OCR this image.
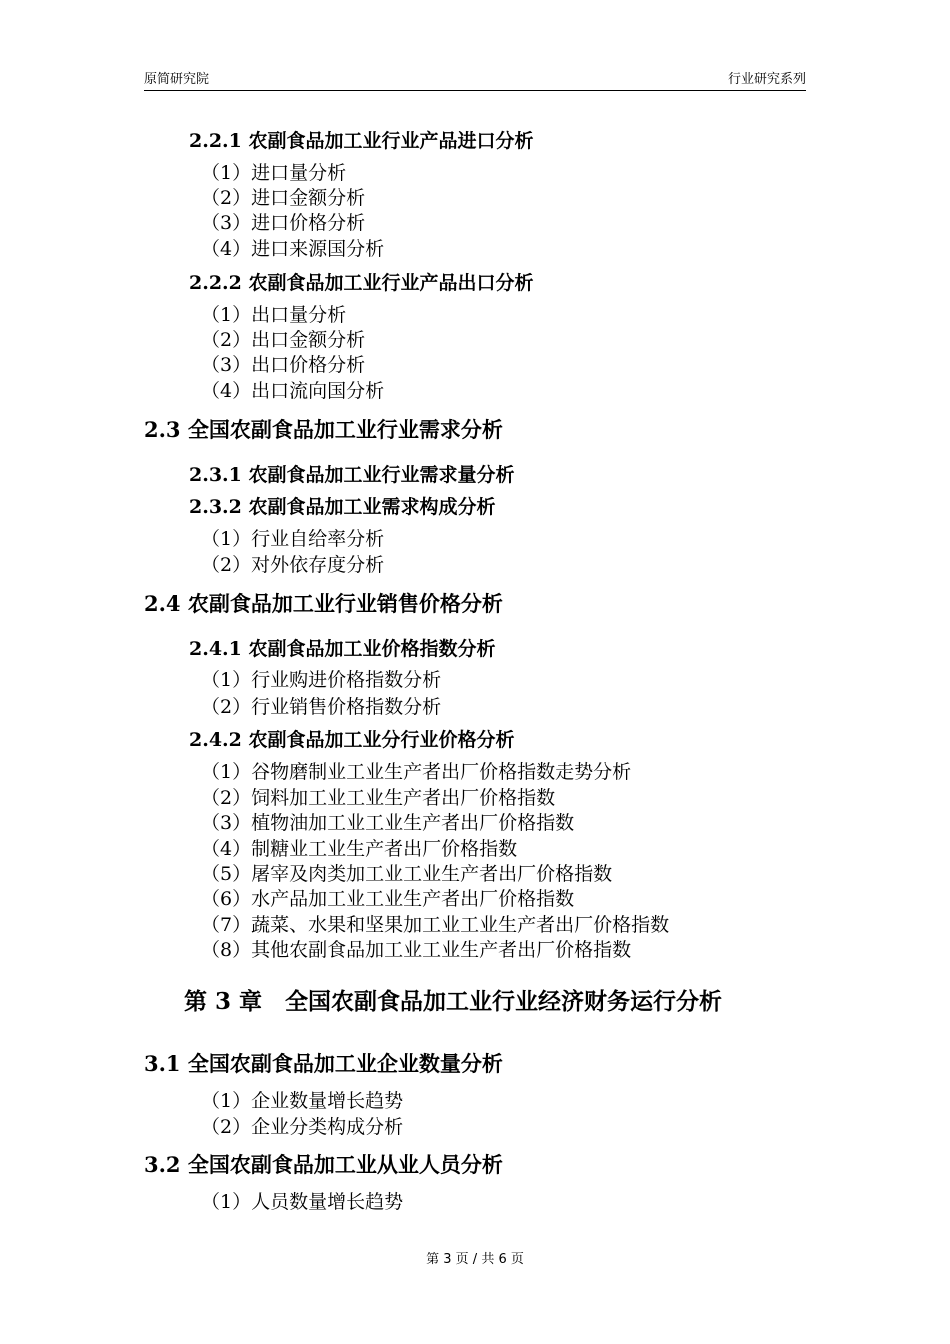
原简研究院	行业研究系列
2.2.1 农副食品加工业行业产品进口分析
（1）进口量分析
（2）进口金额分析
（3）进口价格分析
（4）进口来源国分析
2.2.2 农副食品加工业行业产品出口分析
（1）出口量分析
（2）出口金额分析
（3）出口价格分析
（4）出口流向国分析
2.3 全国农副食品加工业行业需求分析
2.3.1 农副食品加工业行业需求量分析
2.3.2 农副食品加工业需求构成分析
（1）行业自给率分析
（2）对外依存度分析
2.4 农副食品加工业行业销售价格分析
2.4.1 农副食品加工业价格指数分析
（1）行业购进价格指数分析
（2）行业销售价格指数分析
2.4.2 农副食品加工业分行业价格分析
（1）谷物磨制业工业生产者出厂价格指数走势分析
（2）饲料加工业工业生产者出厂价格指数
（3）植物油加工业工业生产者出厂价格指数
（4）制糖业工业生产者出厂价格指数
（5）屠宰及肉类加工业工业生产者出厂价格指数
（6）水产品加工业工业生产者出厂价格指数
（7）蔬菜、水果和坚果加工业工业生产者出厂价格指数
（8）其他农副食品加工业工业生产者出厂价格指数
第 3 章　全国农副食品加工业行业经济财务运行分析
3.1 全国农副食品加工业企业数量分析
（1）企业数量增长趋势
（2）企业分类构成分析
3.2 全国农副食品加工业从业人员分析
（1）人员数量增长趋势
第 3 页 / 共 6 页
